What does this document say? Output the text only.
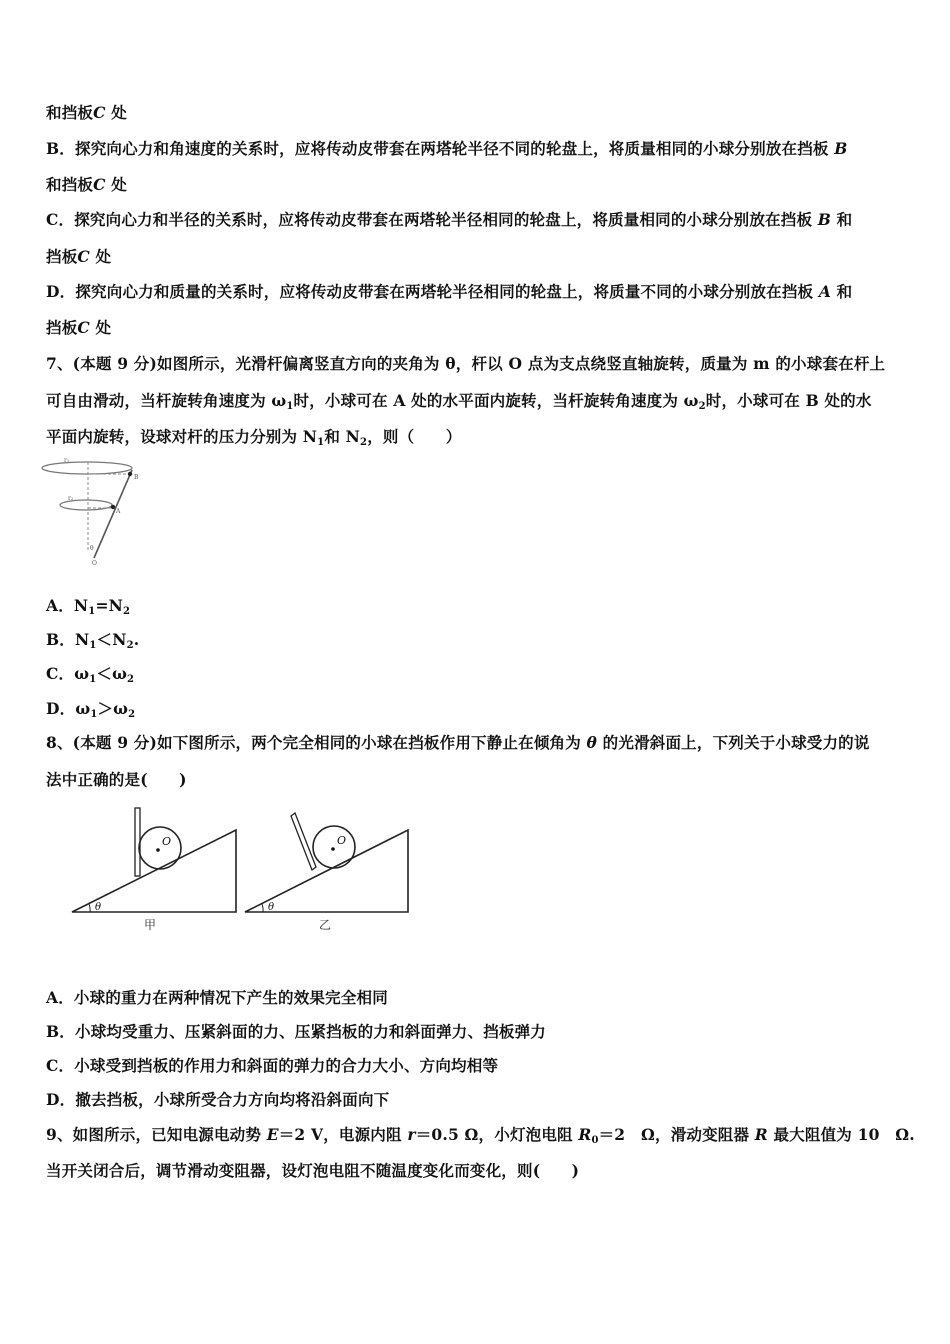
和挡板C 处
B．探究向心力和角速度的关系时，应将传动皮带套在两塔轮半径不同的轮盘上，将质量相同的小球分别放在挡板 B
和挡板C 处
C．探究向心力和半径的关系时，应将传动皮带套在两塔轮半径相同的轮盘上，将质量相同的小球分别放在挡板 B 和
挡板C 处
D．探究向心力和质量的关系时，应将传动皮带套在两塔轮半径相同的轮盘上，将质量不同的小球分别放在挡板 A 和
挡板C 处
7、(本题 9 分)如图所示，光滑杆偏离竖直方向的夹角为 θ，杆以 O 点为支点绕竖直轴旋转，质量为 m 的小球套在杆上
可自由滑动，当杆旋转角速度为 $\omega_1$时，小球可在 A 处的水平面内旋转，当杆旋转角速度为 $\omega_2$时，小球可在 B 处的水
平面内旋转，设球对杆的压力分别为 $N_1$和 $N_2$，则（　　）
r₁
r₂
B
A
θ
O
A．$N_1=N_2$
B．$N_1<N_2$.
C．$\omega_1<\omega_2$
D．$\omega_1>\omega_2$
8、(本题 9 分)如下图所示，两个完全相同的小球在挡板作用下静止在倾角为 θ 的光滑斜面上，下列关于小球受力的说
法中正确的是(　　)
O
θ
甲
O
θ
乙
A．小球的重力在两种情况下产生的效果完全相同
B．小球均受重力、压紧斜面的力、压紧挡板的力和斜面弹力、挡板弹力
C．小球受到挡板的作用力和斜面的弹力的合力大小、方向均相等
D．撤去挡板，小球所受合力方向均将沿斜面向下
9、如图所示，已知电源电动势 E＝2 V，电源内阻 r＝0.5 Ω，小灯泡电阻 $R_0=2$　Ω，滑动变阻器 R 最大阻值为 10　Ω.
当开关闭合后，调节滑动变阻器，设灯泡电阻不随温度变化而变化，则(　　)
